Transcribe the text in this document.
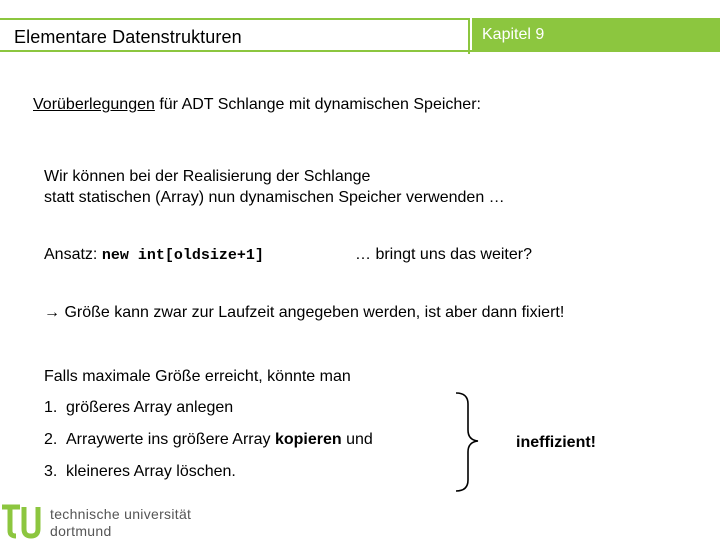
Elementare Datenstrukturen	Kapitel 9
Vorüberlegungen für ADT Schlange mit dynamischen Speicher:
Wir können bei der Realisierung der Schlange
statt statischen (Array) nun dynamischen Speicher verwenden …
Ansatz: new int[oldsize+1]	… bringt uns das weiter?
→ Größe kann zwar zur Laufzeit angegeben werden, ist aber dann fixiert!
Falls maximale Größe erreicht, könnte man
1. größeres Array anlegen
2. Arraywerte ins größere Array kopieren und
3. kleineres Array löschen.
ineffizient!
technische universität
dortmund
